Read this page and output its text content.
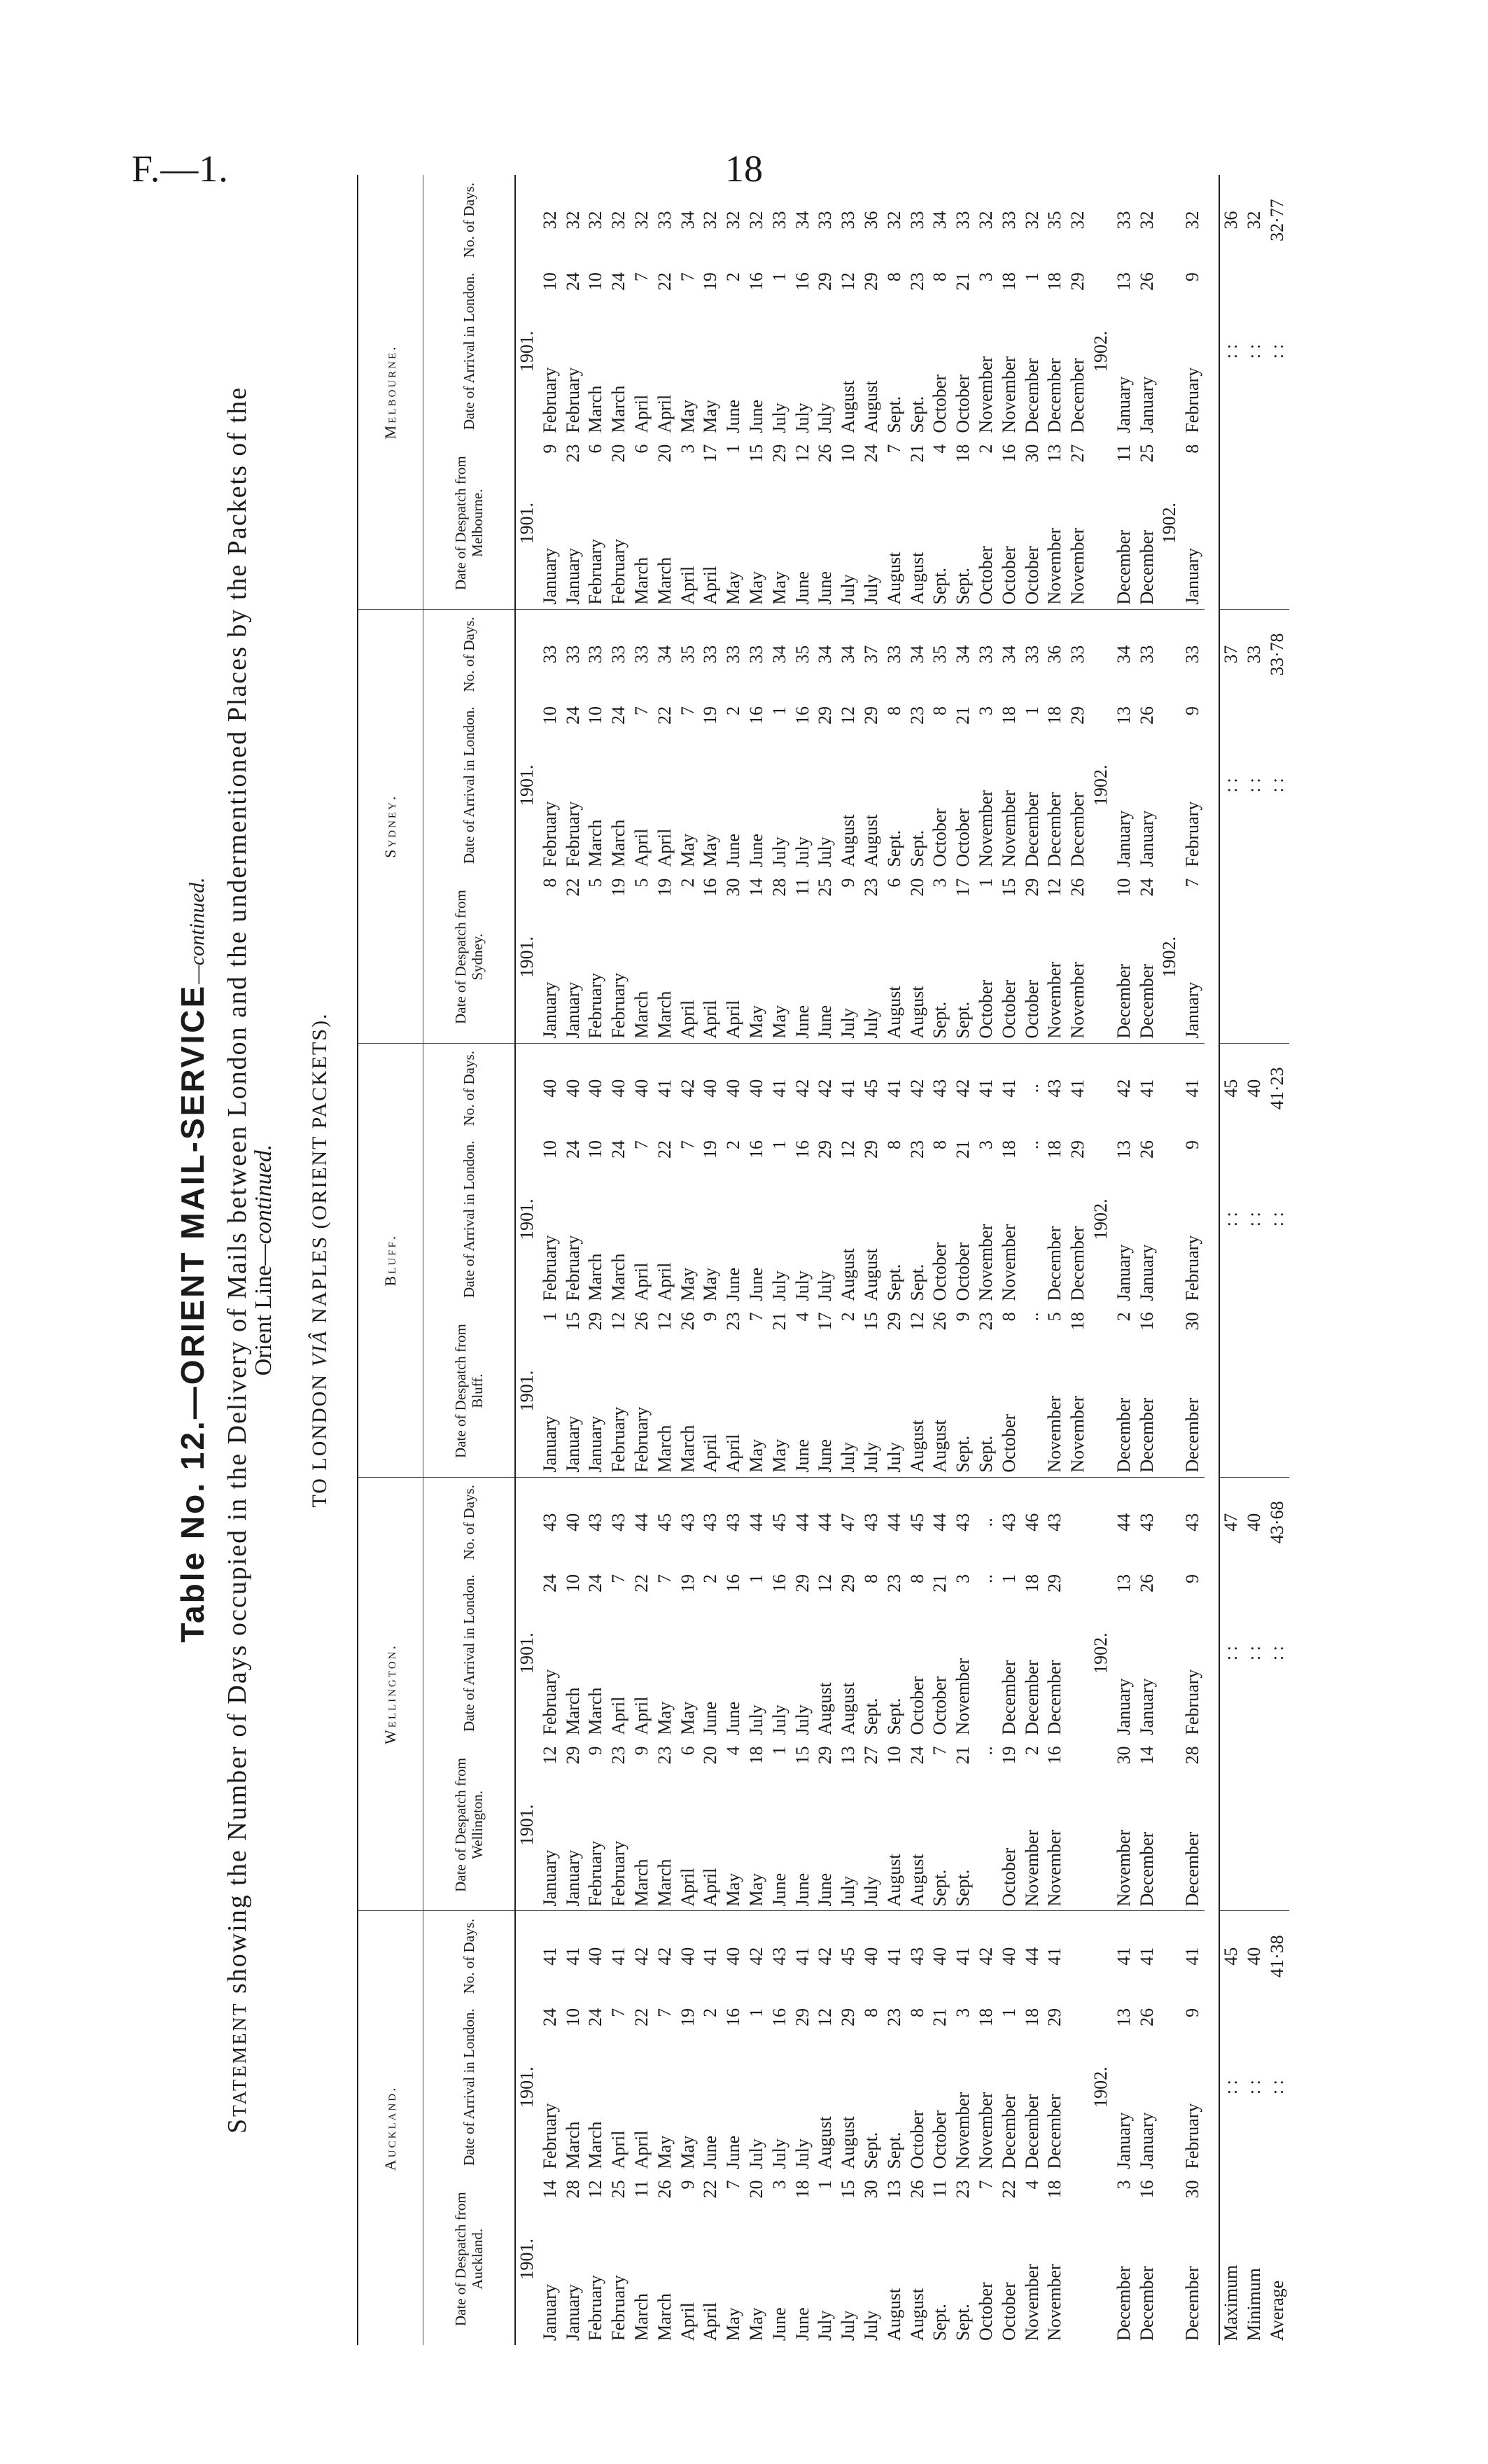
F.—1.	18
Table No. 12.—ORIENT MAIL-SERVICE—continued.
Statement showing the Number of Days occupied in the Delivery of Mails between London and the undermentioned Places by the Packets of the
Orient Line—continued.
TO LONDON VIÂ NAPLES (ORIENT PACKETS).
Auckland.					Wellington.					Bluff.					Sydney.					Melbourne.				
Date of Despatch from Auckland.		Date of Arrival in London.		No. of Days.	Date of Despatch from Wellington.		Date of Arrival in London.		No. of Days.	Date of Despatch from Bluff.		Date of Arrival in London.		No. of Days.	Date of Despatch from Sydney.		Date of Arrival in London.		No. of Days.	Date of Despatch from Melbourne.		Date of Arrival in London.		No. of Days.
1901.		1901.			1901.		1901.			1901.		1901.			1901.		1901.			1901.		1901.		
January	14	February	24	41	January	12	February	24	43	January	1	February	10	40	January	8	February	10	33	January	9	February	10	32
January	28	March	10	41	January	29	March	10	40	January	15	February	24	40	January	22	February	24	33	January	23	February	24	32
February	12	March	24	40	February	9	March	24	43	January	29	March	10	40	February	5	March	10	33	February	6	March	10	32
February	25	April	7	41	February	23	April	7	43	February	12	March	24	40	February	19	March	24	33	February	20	March	24	32
March	11	April	22	42	March	9	April	22	44	February	26	April	7	40	March	5	April	7	33	March	6	April	7	32
March	26	May	7	42	March	23	May	7	45	March	12	April	22	41	March	19	April	22	34	March	20	April	22	33
April	9	May	19	40	April	6	May	19	43	March	26	May	7	42	April	2	May	7	35	April	3	May	7	34
April	22	June	2	41	April	20	June	2	43	April	9	May	19	40	April	16	May	19	33	April	17	May	19	32
May	7	June	16	40	May	4	June	16	43	April	23	June	2	40	April	30	June	2	33	May	1	June	2	32
May	20	July	1	42	May	18	July	1	44	May	7	June	16	40	May	14	June	16	33	May	15	June	16	32
June	3	July	16	43	June	1	July	16	45	May	21	July	1	41	May	28	July	1	34	May	29	July	1	33
June	18	July	29	41	June	15	July	29	44	June	4	July	16	42	June	11	July	16	35	June	12	July	16	34
July	1	August	12	42	June	29	August	12	44	June	17	July	29	42	June	25	July	29	34	June	26	July	29	33
July	15	August	29	45	July	13	August	29	47	July	2	August	12	41	July	9	August	12	34	July	10	August	12	33
July	30	Sept.	8	40	July	27	Sept.	8	43	July	15	August	29	45	July	23	August	29	37	July	24	August	29	36
August	13	Sept.	23	41	August	10	Sept.	23	44	July	29	Sept.	8	41	August	6	Sept.	8	33	August	7	Sept.	8	32
August	26	October	8	43	August	24	October	8	45	August	12	Sept.	23	42	August	20	Sept.	23	34	August	21	Sept.	23	33
Sept.	11	October	21	40	Sept.	7	October	21	44	August	26	October	8	43	Sept.	3	October	8	35	Sept.	4	October	8	34
Sept.	23	November	3	41	Sept.	21	November	3	43	Sept.	9	October	21	42	Sept.	17	October	21	34	Sept.	18	October	21	33
October	7	November	18	42		..		..	..	Sept.	23	November	3	41	October	1	November	3	33	October	2	November	3	32
October	22	December	1	40	October	19	December	1	43	October	8	November	18	41	October	15	November	18	34	October	16	November	18	33
November	4	December	18	44	November	2	December	18	46		..		..	..	October	29	December	1	33	October	30	December	1	32
November	18	December	29	41	November	16	December	29	43	November	5	December	18	43	November	12	December	18	36	November	13	December	18	35
										November	18	December	29	41	November	26	December	29	33	November	27	December	29	32
		1902.					1902.					1902.					1902.					1902.		
December	3	January	13	41	November	30	January	13	44	December	2	January	13	42	December	10	January	13	34	December	11	January	13	33
December	16	January	26	41	December	14	January	26	43	December	16	January	26	41	December	24	January	26	33	December	25	January	26	32
															1902.					1902.				
December	30	February	9	41	December	28	February	9	43	December	30	February	9	41	January	7	February	9	33	January	8	February	9	32

Maximum		: :		45			: :		47			: :		45			: :		37			: :		36
Minimum		: :		40			: :		40			: :		40			: :		33			: :		32
Average		: :		41·38			: :		43·68			: :		41·23			: :		33·78			: :		32·77
